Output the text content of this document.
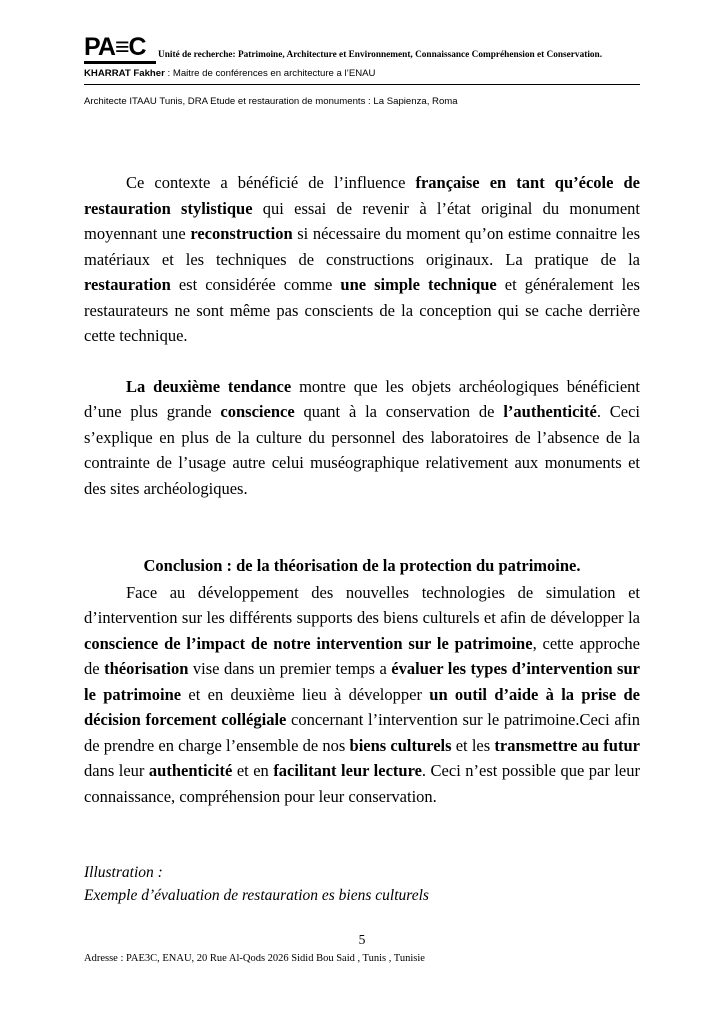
PA≡C	Unité de recherche: Patrimoine, Architecture et Environnement, Connaissance Compréhension et Conservation.
KHARRAT Fakher : Maitre de conférences en architecture a l’ENAU
Architecte ITAAU Tunis, DRA Etude et restauration de monuments : La Sapienza, Roma

Ce contexte a bénéficié de l’influence française en tant qu’école de restauration stylistique qui essai de revenir à l’état original du monument moyennant une reconstruction si nécessaire du moment qu’on estime connaitre les matériaux et les techniques de constructions originaux. La pratique de la restauration est considérée comme une simple technique et généralement les restaurateurs ne sont même pas conscients de la conception qui se cache derrière cette technique.

La deuxième tendance montre que les objets archéologiques bénéficient d’une plus grande conscience quant à la conservation de l’authenticité. Ceci s’explique en plus de la culture du personnel des laboratoires de l’absence de la contrainte de l’usage autre celui muséographique relativement aux monuments et des sites archéologiques.

Conclusion : de la théorisation de la protection du patrimoine.

Face au développement des nouvelles technologies de simulation et d’intervention sur les différents supports des biens culturels et afin de développer la conscience de l’impact de notre intervention sur le patrimoine, cette approche de théorisation vise dans un premier temps a évaluer les types d’intervention sur le patrimoine et en deuxième lieu à développer un outil d’aide à la prise de décision forcement collégiale concernant l’intervention sur le patrimoine.Ceci afin de prendre en charge l’ensemble de nos biens culturels et les transmettre au futur dans leur authenticité et en facilitant leur lecture. Ceci n’est possible que par leur connaissance, compréhension pour leur conservation.

Illustration :
Exemple d’évaluation de restauration es biens culturels
5
Adresse : PAE3C, ENAU, 20 Rue Al-Qods 2026 Sidid Bou Said , Tunis , Tunisie
